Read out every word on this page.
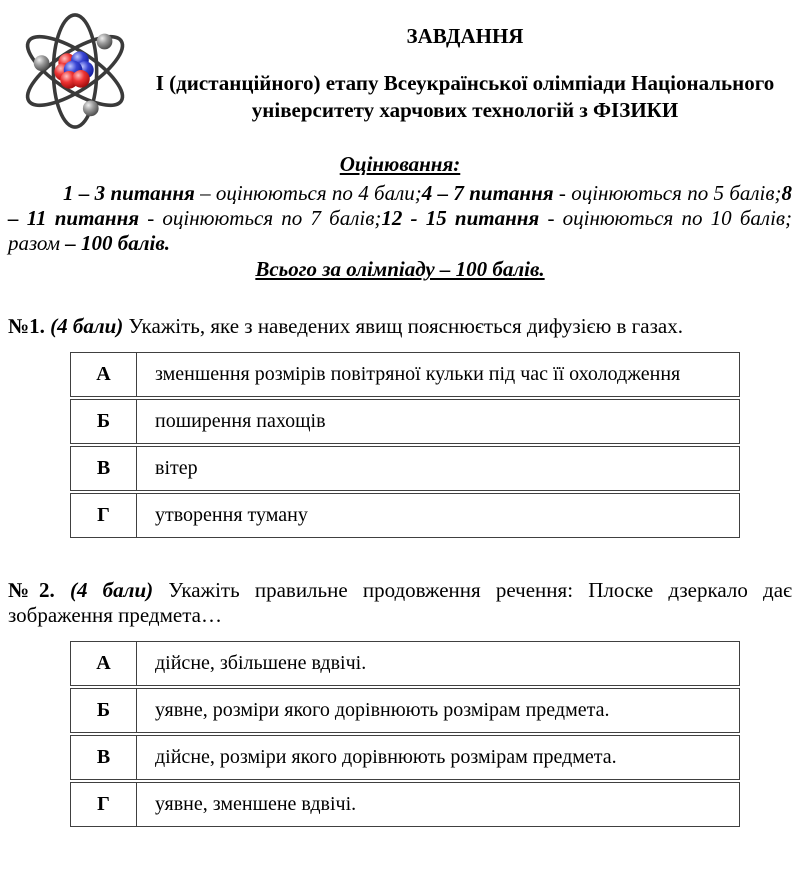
ЗАВДАННЯ
І (дистанційного) етапу Всеукраїнської олімпіади Національного
університету харчових технологій з ФІЗИКИ
Оцінювання:

1 – 3 питання – оцінюються по 4 бали;4 – 7 питання - оцінюються по 5 балів;8 – 11 питання - оцінюються по 7 балів;12 - 15 питання - оцінюються по 10 балів; разом – 100 балів.

Всього за олімпіаду – 100 балів.

№1. (4 бали) Укажіть, яке з наведених явищ пояснюється дифузією в газах.

А	зменшення розмірів повітряної кульки під час її охолодження
Б	поширення пахощів
В	вітер
Г	утворення туману

№2. (4 бали) Укажіть правильне продовження речення: Плоске дзеркало дає зображення предмета…

А	дійсне, збільшене вдвічі.
Б	уявне, розміри якого дорівнюють розмірам предмета.
В	дійсне, розміри якого дорівнюють розмірам предмета.
Г	уявне, зменшене вдвічі.
